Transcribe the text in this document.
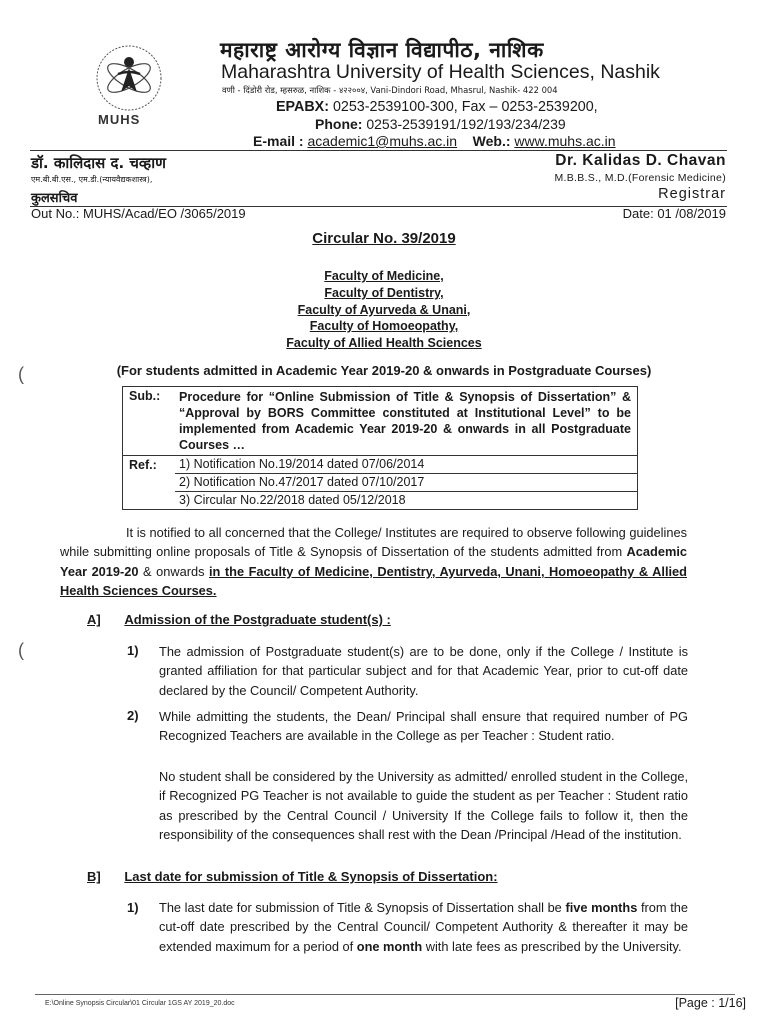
MUHS
महाराष्ट्र आरोग्य विज्ञान विद्यापीठ, नाशिक
Maharashtra University of Health Sciences, Nashik
वणी - दिंडोरी रोड, म्हसरुळ, नाशिक - ४२२००४, Vani-Dindori Road, Mhasrul, Nashik- 422 004
EPABX: 0253-2539100-300, Fax – 0253-2539200,
Phone: 0253-2539191/192/193/234/239
E-mail : academic1@muhs.ac.in Web.: www.muhs.ac.in
डॉ. कालिदास द. चव्हाण
एम.बी.बी.एस., एम.डी.(न्यायवैद्यकशास्त्र),
कुलसचिव
Dr. Kalidas D. Chavan
M.B.B.S., M.D.(Forensic Medicine)
Registrar
Out No.: MUHS/Acad/EO /3065/2019	Date: 01 /08/2019
Circular No. 39/2019
Faculty of Medicine,
Faculty of Dentistry,
Faculty of Ayurveda & Unani,
Faculty of Homoeopathy,
Faculty of Allied Health Sciences
(For students admitted in Academic Year 2019-20 & onwards in Postgraduate Courses)
Sub.:	Procedure for “Online Submission of Title & Synopsis of Dissertation” & “Approval by BORS Committee constituted at Institutional Level” to be implemented from Academic Year 2019-20 & onwards in all Postgraduate Courses …
Ref.:	1) Notification No.19/2014 dated 07/06/2014
2) Notification No.47/2017 dated 07/10/2017
3) Circular No.22/2018 dated 05/12/2018
It is notified to all concerned that the College/ Institutes are required to observe following guidelines while submitting online proposals of Title & Synopsis of Dissertation of the students admitted from Academic Year 2019-20 & onwards in the Faculty of Medicine, Dentistry, Ayurveda, Unani, Homoeopathy & Allied Health Sciences Courses.
A] Admission of the Postgraduate student(s) :
1) The admission of Postgraduate student(s) are to be done, only if the College / Institute is granted affiliation for that particular subject and for that Academic Year, prior to cut-off date declared by the Council/ Competent Authority.
2) While admitting the students, the Dean/ Principal shall ensure that required number of PG Recognized Teachers are available in the College as per Teacher : Student ratio.
No student shall be considered by the University as admitted/ enrolled student in the College, if Recognized PG Teacher is not available to guide the student as per Teacher : Student ratio as prescribed by the Central Council / University If the College fails to follow it, then the responsibility of the consequences shall rest with the Dean /Principal /Head of the institution.
B] Last date for submission of Title & Synopsis of Dissertation:
1) The last date for submission of Title & Synopsis of Dissertation shall be five months from the cut-off date prescribed by the Central Council/ Competent Authority & thereafter it may be extended maximum for a period of one month with late fees as prescribed by the University.
(
(
E:\Online Synopsis Circular\01 Circular 1GS AY 2019_20.doc	[Page : 1/16]
